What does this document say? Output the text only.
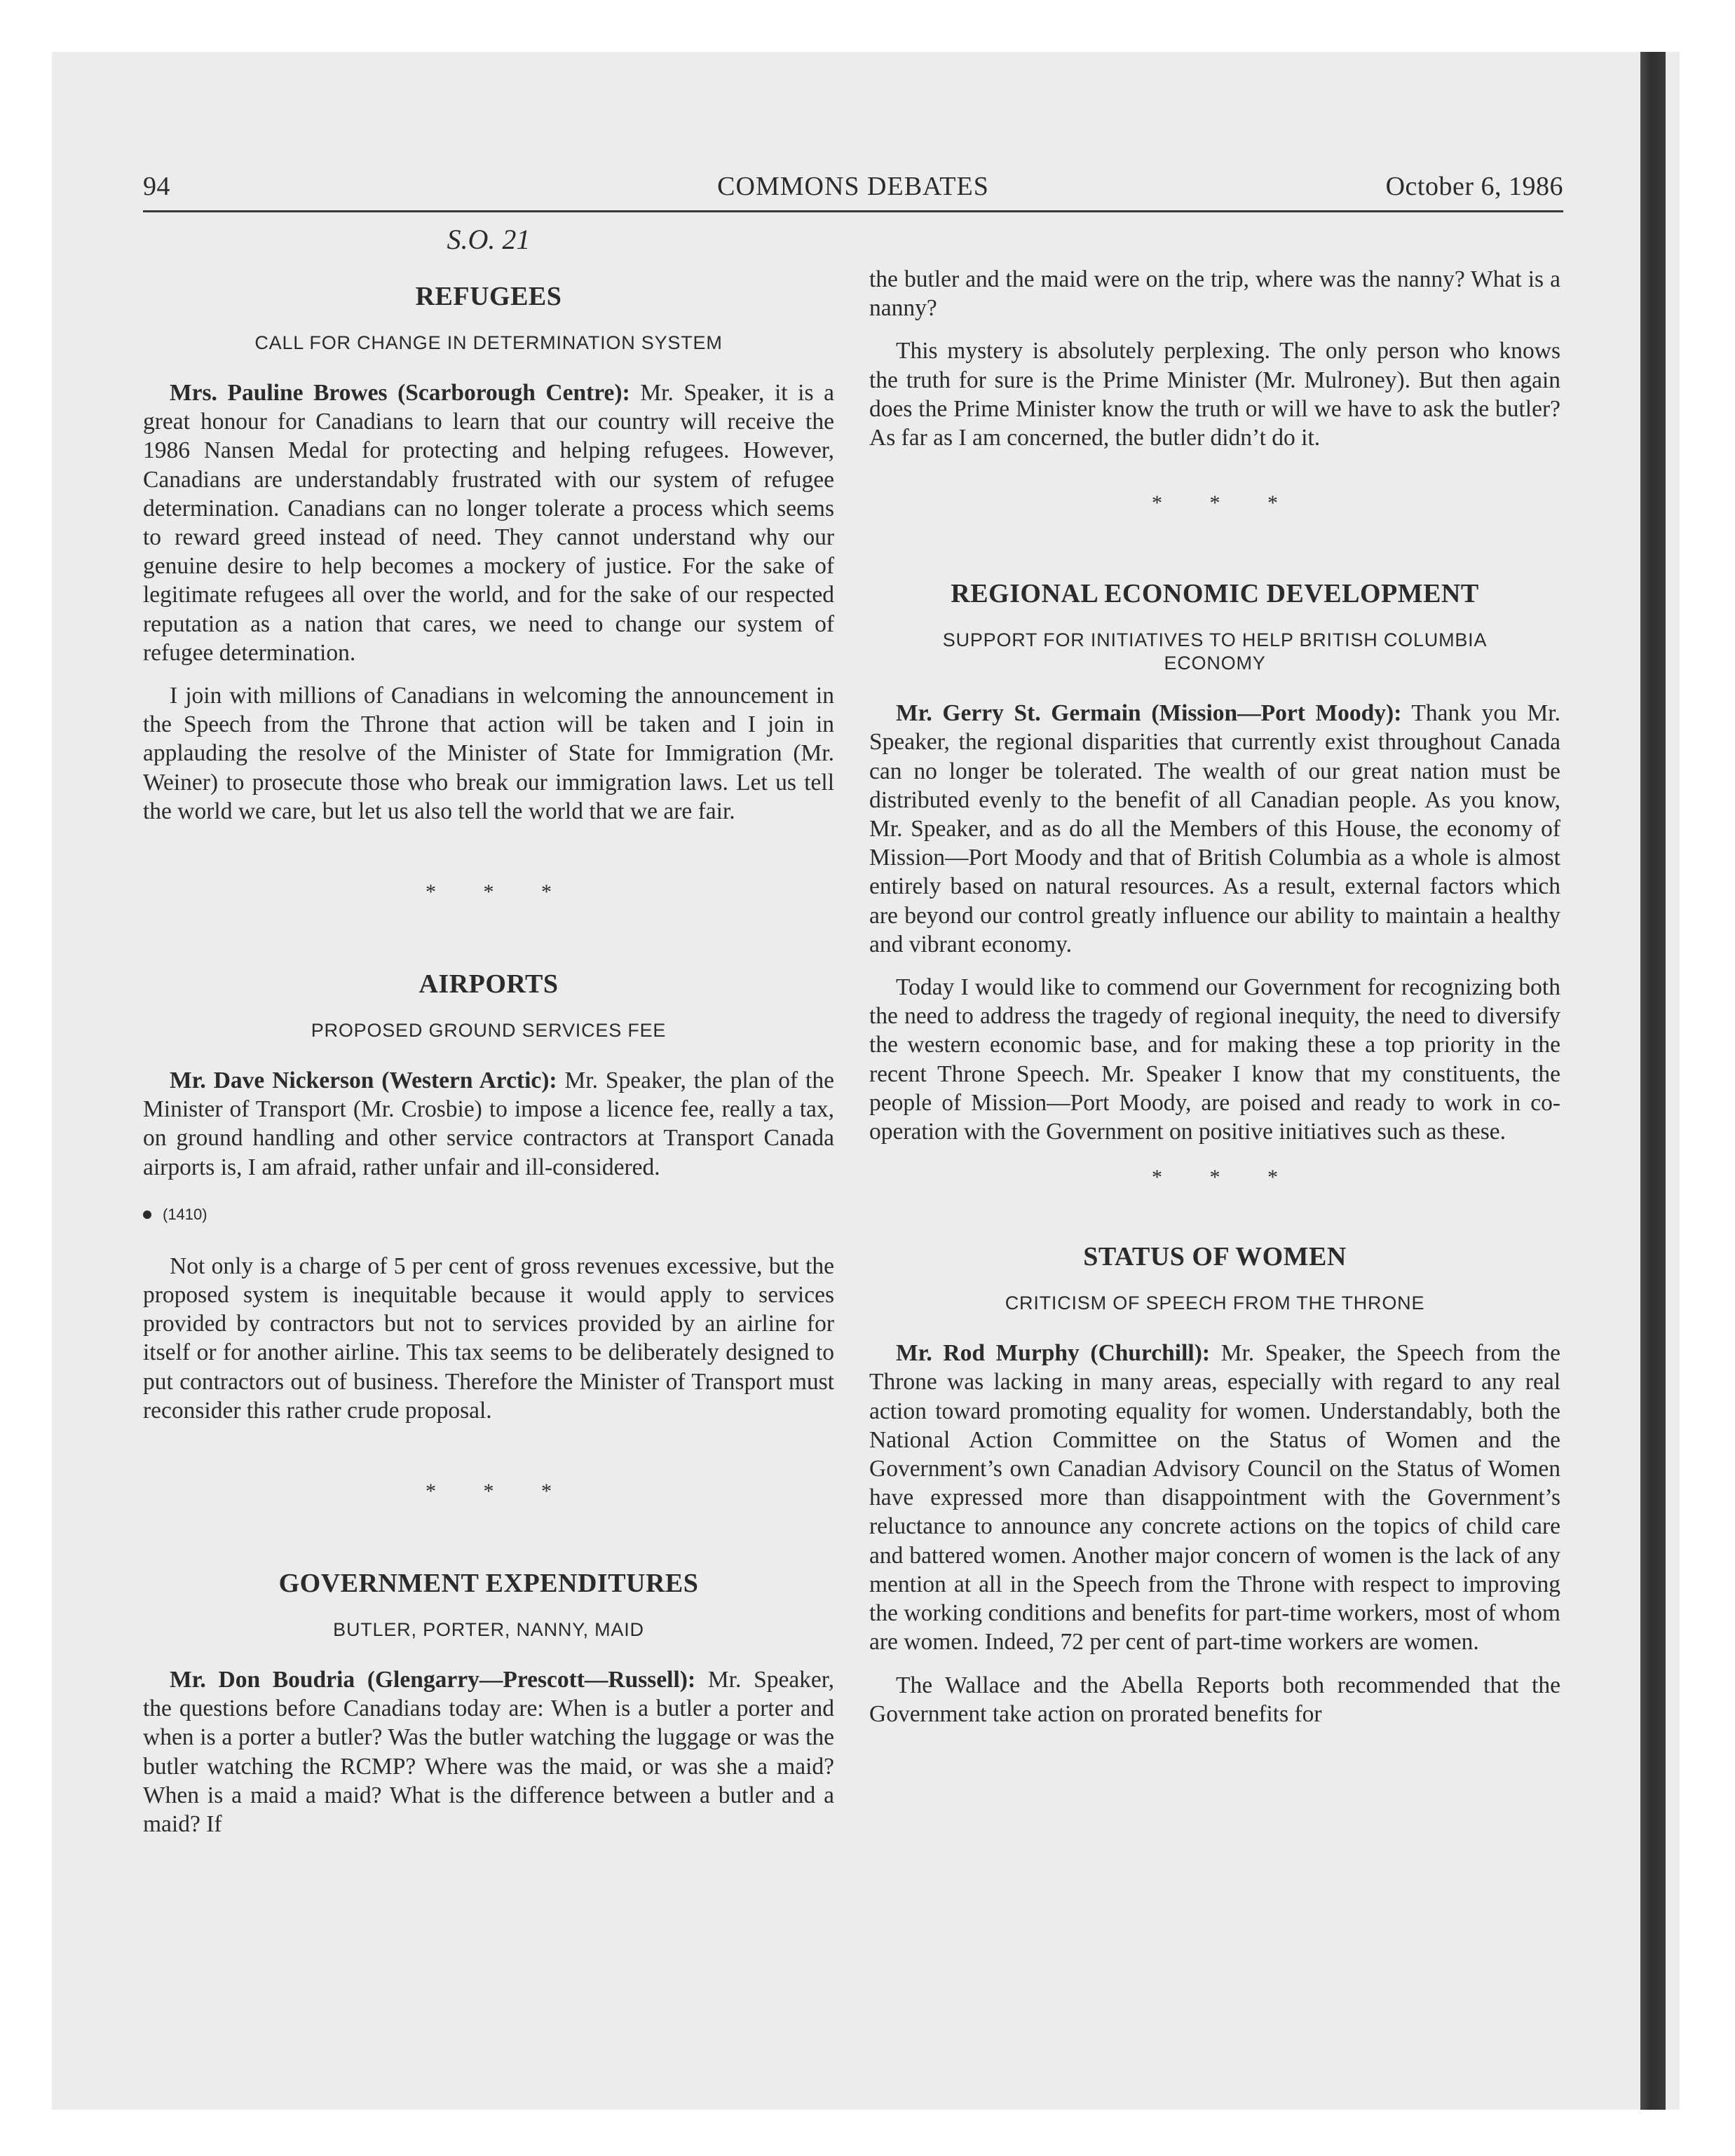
94	COMMONS DEBATES	October 6, 1986
S.O. 21
REFUGEES
CALL FOR CHANGE IN DETERMINATION SYSTEM

Mrs. Pauline Browes (Scarborough Centre): Mr. Speaker, it is a great honour for Canadians to learn that our country will receive the 1986 Nansen Medal for protecting and helping refugees. However, Canadians are understandably frustrated with our system of refugee determination. Canadians can no longer tolerate a process which seems to reward greed instead of need. They cannot understand why our genuine desire to help becomes a mockery of justice. For the sake of legitimate refugees all over the world, and for the sake of our respected reputation as a nation that cares, we need to change our system of refugee determination.

I join with millions of Canadians in welcoming the announcement in the Speech from the Throne that action will be taken and I join in applauding the resolve of the Minister of State for Immigration (Mr. Weiner) to prosecute those who break our immigration laws. Let us tell the world we care, but let us also tell the world that we are fair.

* * *
AIRPORTS
PROPOSED GROUND SERVICES FEE

Mr. Dave Nickerson (Western Arctic): Mr. Speaker, the plan of the Minister of Transport (Mr. Crosbie) to impose a licence fee, really a tax, on ground handling and other service contractors at Transport Canada airports is, I am afraid, rather unfair and ill-considered.

(1410)

Not only is a charge of 5 per cent of gross revenues excessive, but the proposed system is inequitable because it would apply to services provided by contractors but not to services provided by an airline for itself or for another airline. This tax seems to be deliberately designed to put contractors out of business. Therefore the Minister of Transport must reconsider this rather crude proposal.

* * *
GOVERNMENT EXPENDITURES
BUTLER, PORTER, NANNY, MAID

Mr. Don Boudria (Glengarry—Prescott—Russell): Mr. Speaker, the questions before Canadians today are: When is a butler a porter and when is a porter a butler? Was the butler watching the luggage or was the butler watching the RCMP? Where was the maid, or was she a maid? When is a maid a maid? What is the difference between a butler and a maid? If

the butler and the maid were on the trip, where was the nanny? What is a nanny?

This mystery is absolutely perplexing. The only person who knows the truth for sure is the Prime Minister (Mr. Mulroney). But then again does the Prime Minister know the truth or will we have to ask the butler? As far as I am concerned, the butler didn’t do it.

* * *
REGIONAL ECONOMIC DEVELOPMENT
SUPPORT FOR INITIATIVES TO HELP BRITISH COLUMBIA ECONOMY

Mr. Gerry St. Germain (Mission—Port Moody): Thank you Mr. Speaker, the regional disparities that currently exist throughout Canada can no longer be tolerated. The wealth of our great nation must be distributed evenly to the benefit of all Canadian people. As you know, Mr. Speaker, and as do all the Members of this House, the economy of Mission—Port Moody and that of British Columbia as a whole is almost entirely based on natural resources. As a result, external factors which are beyond our control greatly influence our ability to maintain a healthy and vibrant economy.

Today I would like to commend our Government for recognizing both the need to address the tragedy of regional inequity, the need to diversify the western economic base, and for making these a top priority in the recent Throne Speech. Mr. Speaker I know that my constituents, the people of Mission—Port Moody, are poised and ready to work in co-operation with the Government on positive initiatives such as these.

* * *
STATUS OF WOMEN
CRITICISM OF SPEECH FROM THE THRONE

Mr. Rod Murphy (Churchill): Mr. Speaker, the Speech from the Throne was lacking in many areas, especially with regard to any real action toward promoting equality for women. Understandably, both the National Action Committee on the Status of Women and the Government’s own Canadian Advisory Council on the Status of Women have expressed more than disappointment with the Government’s reluctance to announce any concrete actions on the topics of child care and battered women. Another major concern of women is the lack of any mention at all in the Speech from the Throne with respect to improving the working conditions and benefits for part-time workers, most of whom are women. Indeed, 72 per cent of part-time workers are women.

The Wallace and the Abella Reports both recommended that the Government take action on prorated benefits for
